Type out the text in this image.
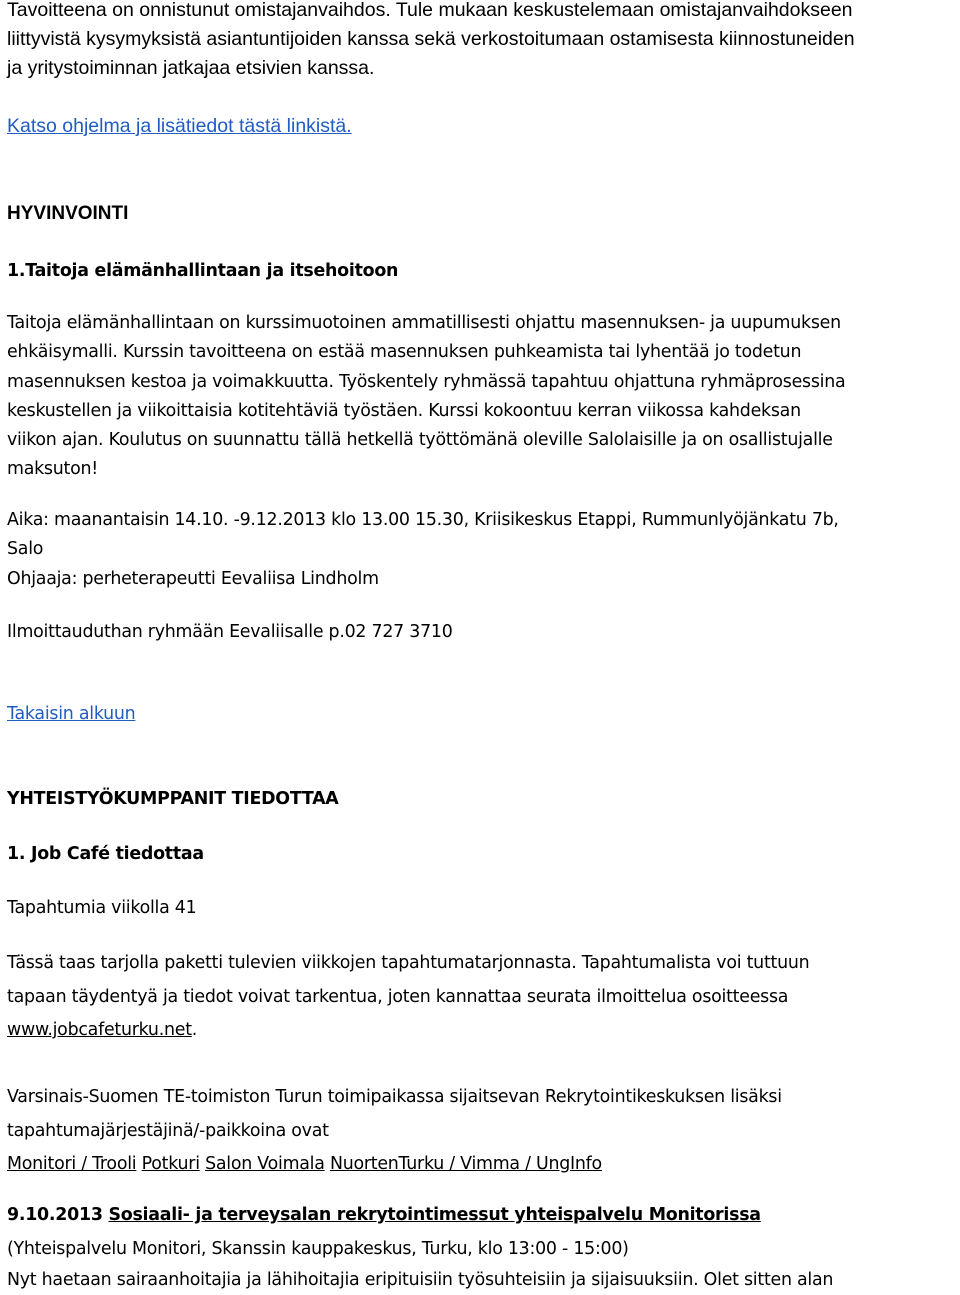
Tavoitteena on onnistunut omistajanvaihdos. Tule mukaan keskustelemaan omistajanvaihdokseen
liittyvistä kysymyksistä asiantuntijoiden kanssa sekä verkostoitumaan ostamisesta kiinnostuneiden
ja yritystoiminnan jatkajaa etsivien kanssa.
Katso ohjelma ja lisätiedot tästä linkistä.
HYVINVOINTI
1.Taitoja elämänhallintaan ja itsehoitoon
Taitoja elämänhallintaan on kurssimuotoinen ammatillisesti ohjattu masennuksen- ja uupumuksen
ehkäisymalli. Kurssin tavoitteena on estää masennuksen puhkeamista tai lyhentää jo todetun
masennuksen kestoa ja voimakkuutta. Työskentely ryhmässä tapahtuu ohjattuna ryhmäprosessina
keskustellen ja viikoittaisia kotitehtäviä työstäen. Kurssi kokoontuu kerran viikossa kahdeksan
viikon ajan. Koulutus on suunnattu tällä hetkellä työttömänä oleville Salolaisille ja on osallistujalle
maksuton!
Aika: maanantaisin 14.10. -9.12.2013 klo 13.00 15.30, Kriisikeskus Etappi, Rummunlyöjänkatu 7b,
Salo
Ohjaaja: perheterapeutti Eevaliisa Lindholm
Ilmoittauduthan ryhmään Eevaliisalle p.02 727 3710
Takaisin alkuun
YHTEISTYÖKUMPPANIT TIEDOTTAA
1. Job Café tiedottaa
Tapahtumia viikolla 41
Tässä taas tarjolla paketti tulevien viikkojen tapahtumatarjonnasta. Tapahtumalista voi tuttuun
tapaan täydentyä ja tiedot voivat tarkentua, joten kannattaa seurata ilmoittelua osoitteessa
www.jobcafeturku.net.
Varsinais-Suomen TE-toimiston Turun toimipaikassa sijaitsevan Rekrytointikeskuksen lisäksi
tapahtumajärjestäjinä/-paikkoina ovat
Monitori / Trooli Potkuri Salon Voimala NuortenTurku / Vimma / UngInfo
9.10.2013 Sosiaali- ja terveysalan rekrytointimessut yhteispalvelu Monitorissa
(Yhteispalvelu Monitori, Skanssin kauppakeskus, Turku, klo 13:00 - 15:00)
Nyt haetaan sairaanhoitajia ja lähihoitajia eripituisiin työsuhteisiin ja sijaisuuksiin. Olet sitten alan
